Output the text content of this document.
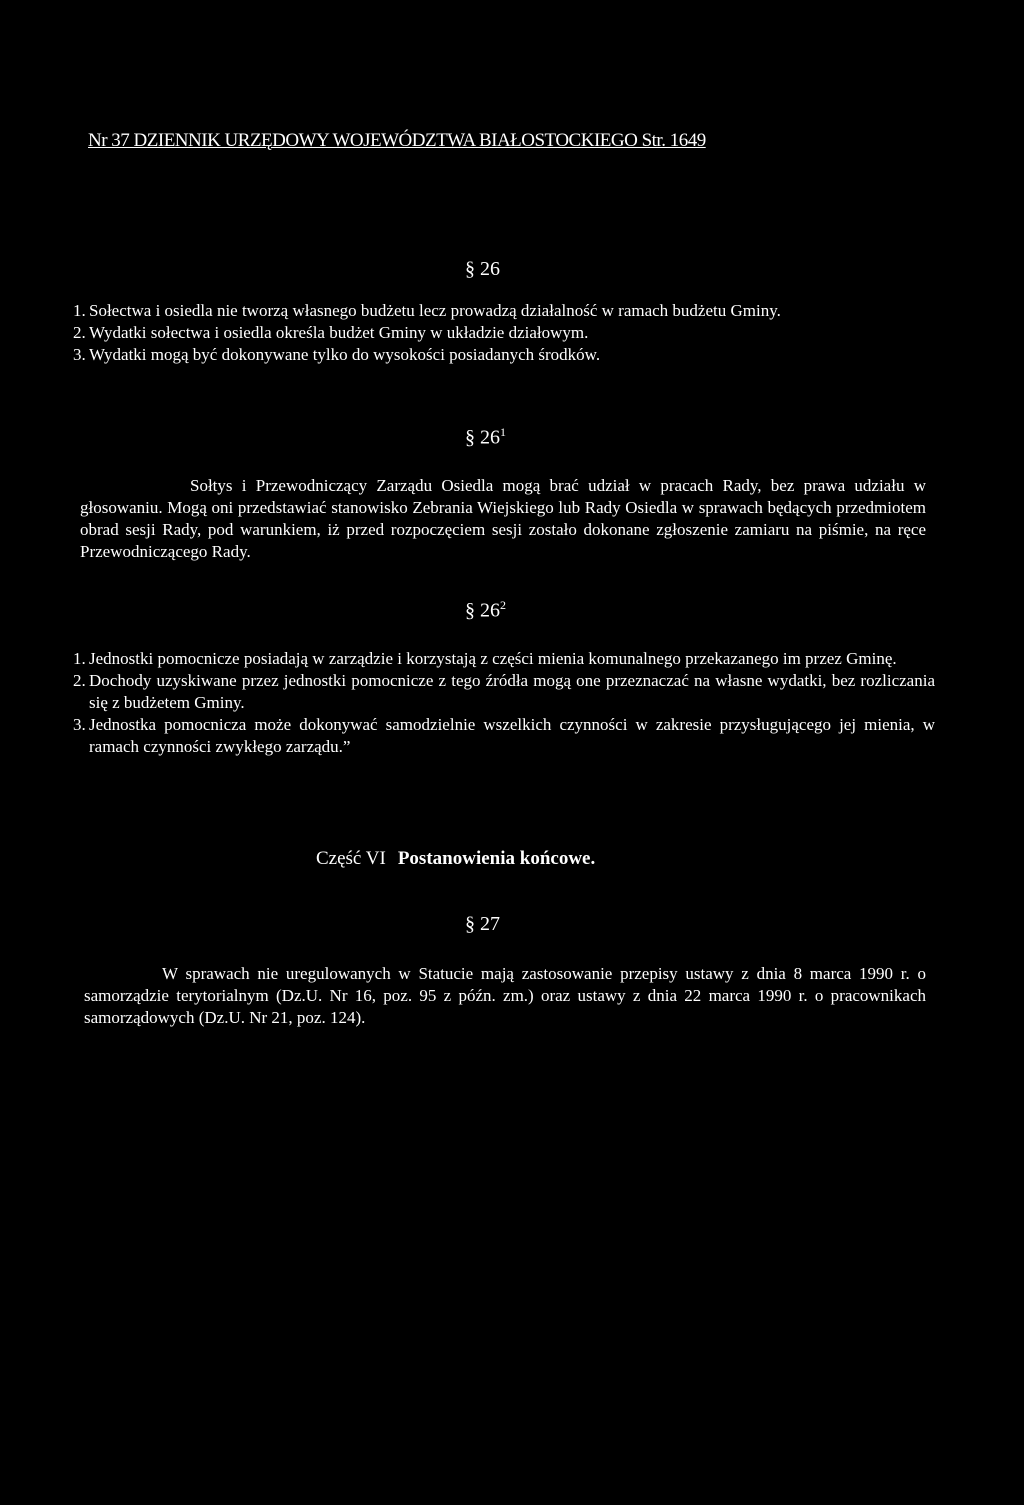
Nr 37 DZIENNIK URZĘDOWY WOJEWÓDZTWA BIAŁOSTOCKIEGO Str. 1649
§ 26
1. Sołectwa i osiedla nie tworzą własnego budżetu lecz prowadzą działalność w ramach budżetu Gminy.
2. Wydatki sołectwa i osiedla określa budżet Gminy w układzie działowym.
3. Wydatki mogą być dokonywane tylko do wysokości posiadanych środków.
§ $26^1$
Sołtys i Przewodniczący Zarządu Osiedla mogą brać udział w pracach Rady, bez prawa udziału w głosowaniu. Mogą oni przedstawiać stanowisko Zebrania Wiejskiego lub Rady Osiedla w sprawach będących przedmiotem obrad sesji Rady, pod warunkiem, iż przed rozpoczęciem sesji zostało dokonane zgłoszenie zamiaru na piśmie, na ręce Przewodniczącego Rady.
§ $26^2$
1. Jednostki pomocnicze posiadają w zarządzie i korzystają z części mienia komunalnego przekazanego im przez Gminę.
2. Dochody uzyskiwane przez jednostki pomocnicze z tego źródła mogą one przeznaczać na własne wydatki, bez rozliczania się z budżetem Gminy.
3. Jednostka pomocnicza może dokonywać samodzielnie wszelkich czynności w zakresie przysługującego jej mienia, w ramach czynności zwykłego zarządu.”
Część VI Postanowienia końcowe.
§ 27
W sprawach nie uregulowanych w Statucie mają zastosowanie przepisy ustawy z dnia 8 marca 1990 r. o samorządzie terytorialnym (Dz.U. Nr 16, poz. 95 z późn. zm.) oraz ustawy z dnia 22 marca 1990 r. o pracownikach samorządowych (Dz.U. Nr 21, poz. 124).
